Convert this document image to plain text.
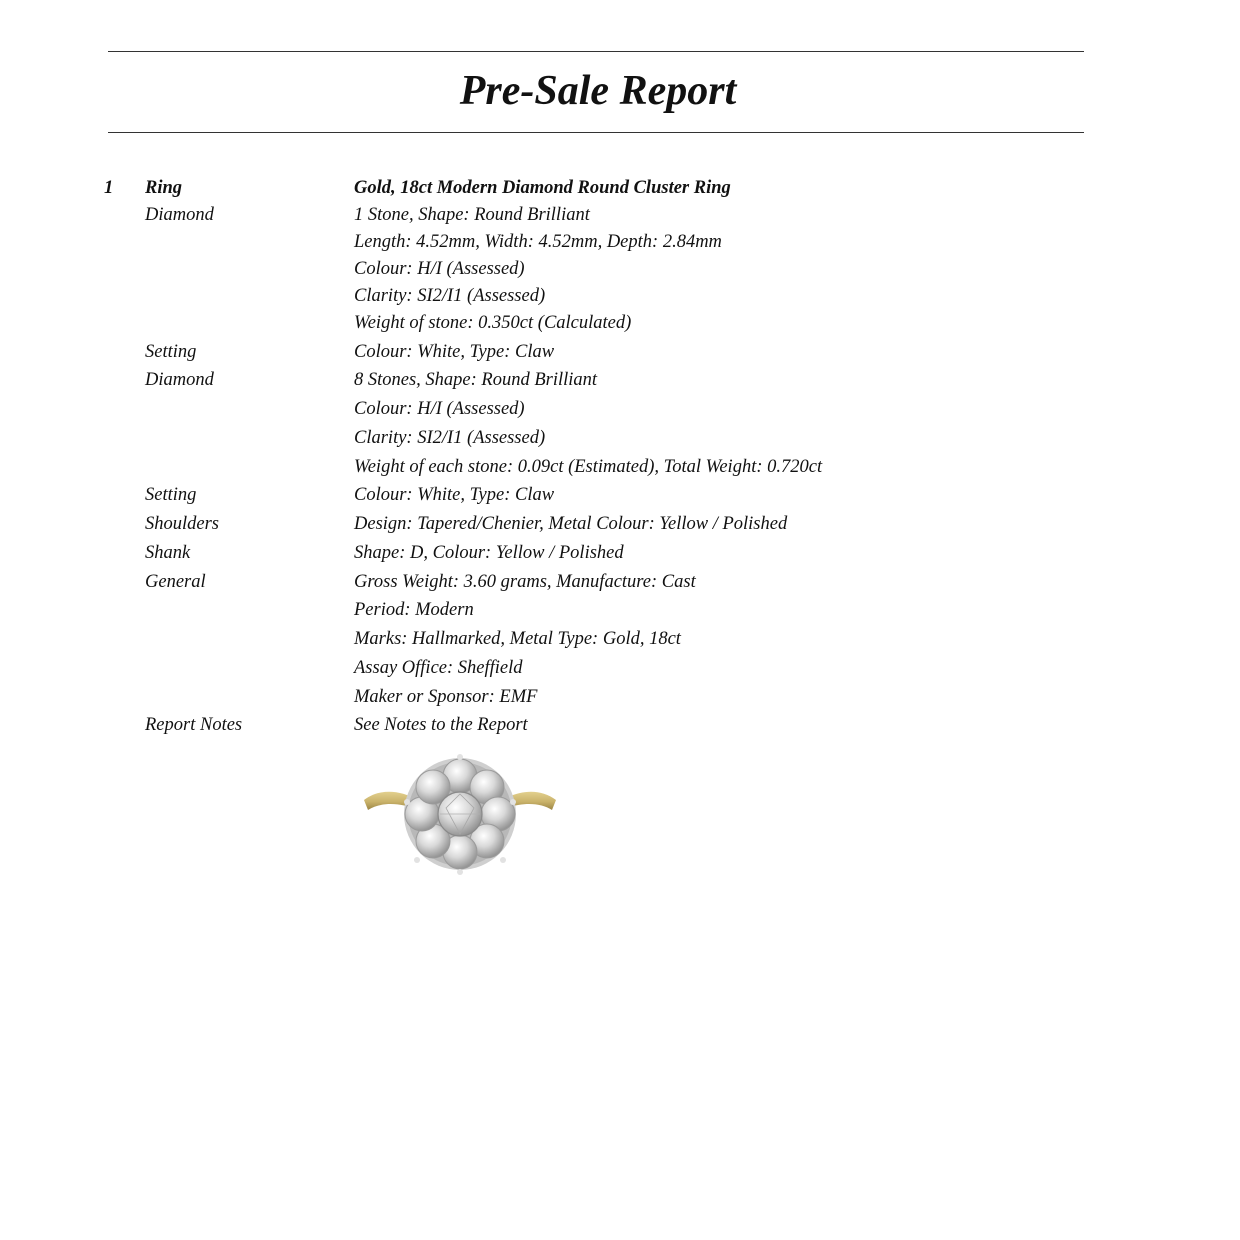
Pre-Sale Report
1 Ring	Gold, 18ct Modern Diamond Round Cluster Ring
Diamond	1 Stone, Shape: Round Brilliant
Length: 4.52mm, Width: 4.52mm, Depth: 2.84mm
Colour: H/I (Assessed)
Clarity: SI2/I1 (Assessed)
Weight of stone: 0.350ct (Calculated)
Setting	Colour: White, Type: Claw
Diamond	8 Stones, Shape: Round Brilliant
Colour: H/I (Assessed)
Clarity: SI2/I1 (Assessed)
Weight of each stone: 0.09ct (Estimated), Total Weight: 0.720ct
Setting	Colour: White, Type: Claw
Shoulders	Design: Tapered/Chenier, Metal Colour: Yellow / Polished
Shank	Shape: D, Colour: Yellow / Polished
General	Gross Weight: 3.60 grams, Manufacture: Cast
Period: Modern
Marks: Hallmarked, Metal Type: Gold, 18ct
Assay Office: Sheffield
Maker or Sponsor: EMF
Report Notes	See Notes to the Report
